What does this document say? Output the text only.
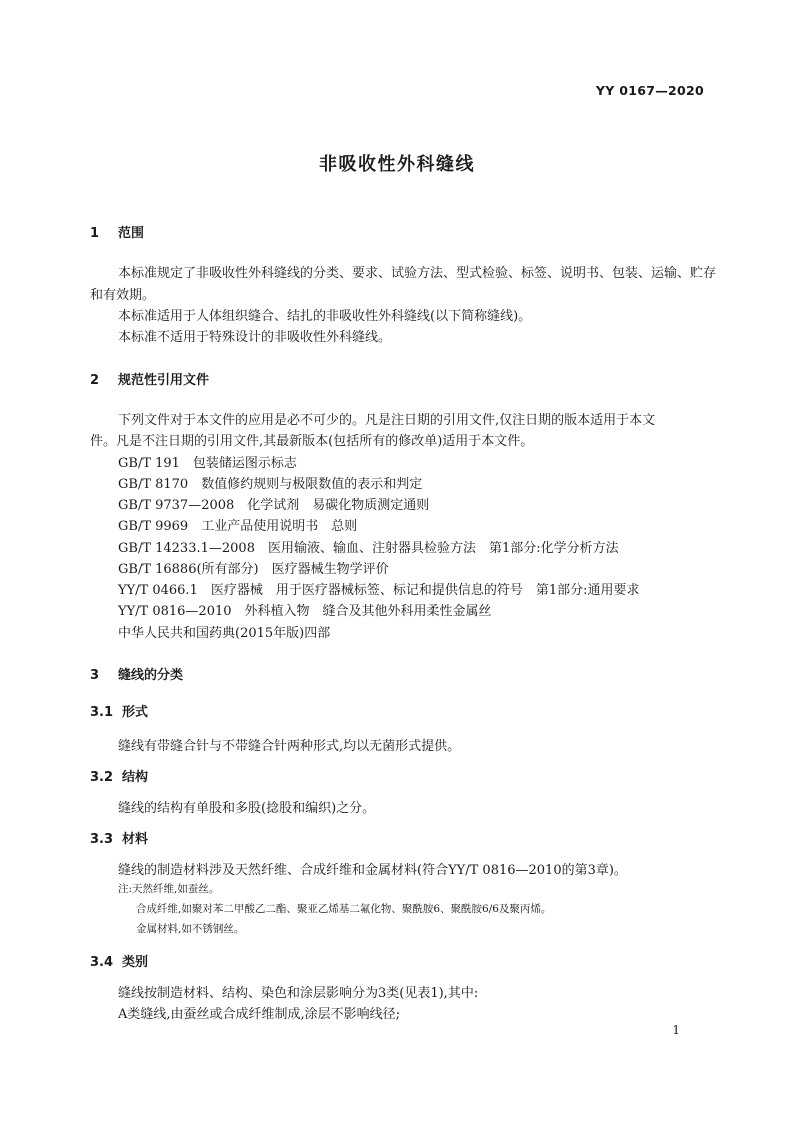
YY 0167—2020
非吸收性外科缝线
1 范围
本标准规定了非吸收性外科缝线的分类、要求、试验方法、型式检验、标签、说明书、包装、运输、贮存
和有效期。
本标准适用于人体组织缝合、结扎的非吸收性外科缝线(以下简称缝线)。
本标准不适用于特殊设计的非吸收性外科缝线。
2 规范性引用文件
下列文件对于本文件的应用是必不可少的。凡是注日期的引用文件,仅注日期的版本适用于本文
件。凡是不注日期的引用文件,其最新版本(包括所有的修改单)适用于本文件。
GB/T 191　包装储运图示标志
GB/T 8170　数值修约规则与极限数值的表示和判定
GB/T 9737—2008　化学试剂　易碳化物质测定通则
GB/T 9969　工业产品使用说明书　总则
GB/T 14233.1—2008　医用输液、输血、注射器具检验方法　第1部分:化学分析方法
GB/T 16886(所有部分)　医疗器械生物学评价
YY/T 0466.1　医疗器械　用于医疗器械标签、标记和提供信息的符号　第1部分:通用要求
YY/T 0816—2010　外科植入物　缝合及其他外科用柔性金属丝
中华人民共和国药典(2015年版)四部
3 缝线的分类
3.1 形式
缝线有带缝合针与不带缝合针两种形式,均以无菌形式提供。
3.2 结构
缝线的结构有单股和多股(捻股和编织)之分。
3.3 材料
缝线的制造材料涉及天然纤维、合成纤维和金属材料(符合YY/T 0816—2010的第3章)。
注:天然纤维,如蚕丝。
合成纤维,如聚对苯二甲酸乙二酯、聚亚乙烯基二氟化物、聚酰胺6、聚酰胺6/6及聚丙烯。
金属材料,如不锈钢丝。
3.4 类别
缝线按制造材料、结构、染色和涂层影响分为3类(见表1),其中:
A类缝线,由蚕丝或合成纤维制成,涂层不影响线径;
1
